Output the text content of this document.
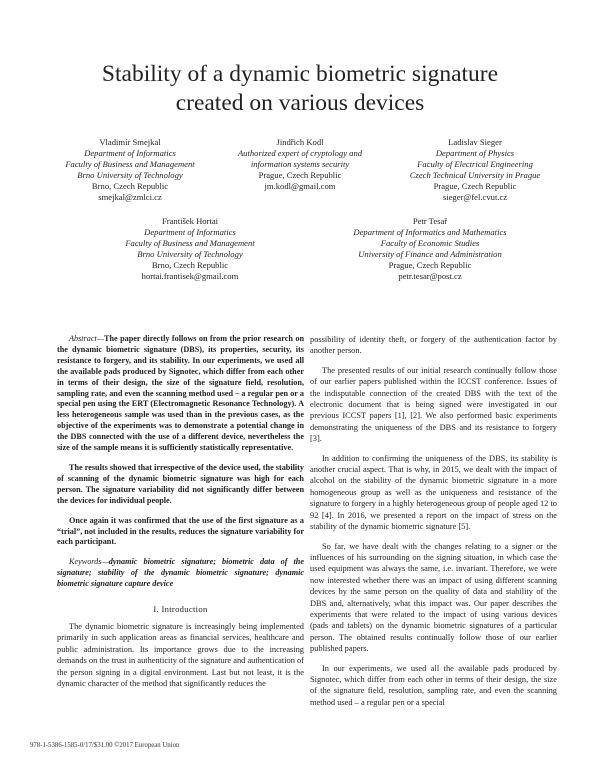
Stability of a dynamic biometric signature
created on various devices
Vladimír Smejkal
Department of Informatics
Faculty of Business and Management
Brno University of Technology
Brno, Czech Republic
smejkal@zmlci.cz
Jindřich Kodl
Authorized expert of cryptology and
information systems security
Prague, Czech Republic
jm.kodl@gmail.com
Ladislav Sieger
Department of Physics
Faculty of Electrical Engineering
Czech Technical University in Prague
Prague, Czech Republic
sieger@fel.cvut.cz
František Hortai
Department of Informatics
Faculty of Business and Management
Brno University of Technology
Brno, Czech Republic
hortai.frantisek@gmail.com
Petr Tesař
Department of Informatics and Mathematics
Faculty of Economic Studies
University of Finance and Administration
Prague, Czech Republic
petr.tesar@post.cz

Abstract—The paper directly follows on from the prior research on the dynamic biometric signature (DBS), its properties, security, its resistance to forgery, and its stability. In our experiments, we used all the available pads produced by Signotec, which differ from each other in terms of their design, the size of the signature field, resolution, sampling rate, and even the scanning method used – a regular pen or a special pen using the ERT (Electromagnetic Resonance Technology). A less heterogeneous sample was used than in the previous cases, as the objective of the experiments was to demonstrate a potential change in the DBS connected with the use of a different device, nevertheless the size of the sample means it is sufficiently statistically representative.

The results showed that irrespective of the device used, the stability of scanning of the dynamic biometric signature was high for each person. The signature variability did not significantly differ between the devices for individual people.

Once again it was confirmed that the use of the first signature as a “trial”, not included in the results, reduces the signature variability for each participant.

Keywords—dynamic biometric signature; biometric data of the signature; stability of the dynamic biometric signature; dynamic biometric signature capture device

I. Introduction

The dynamic biometric signature is increasingly being implemented primarily in such application areas as financial services, healthcare and public administration. Its importance grows due to the increasing demands on the trust in authenticity of the signature and authentication of the person signing in a digital environment. Last but not least, it is the dynamic character of the method that significantly reduces the

possibility of identity theft, or forgery of the authentication factor by another person.

The presented results of our initial research continually follow those of our earlier papers published within the ICCST conference. Issues of the indisputable connection of the created DBS with the text of the electronic document that is being signed were investigated in our previous ICCST papers [1], [2]. We also performed basic experiments demonstrating the uniqueness of the DBS and its resistance to forgery [3].

In addition to confirming the uniqueness of the DBS, its stability is another crucial aspect. That is why, in 2015, we dealt with the impact of alcohol on the stability of the dynamic biometric signature in a more homogeneous group as well as the uniqueness and resistance of the signature to forgery in a highly heterogeneous group of people aged 12 to 92 [4]. In 2016, we presented a report on the impact of stress on the stability of the dynamic biometric signature [5].

So far, we have dealt with the changes relating to a signer or the influences of his surrounding on the signing situation, in which case the used equipment was always the same, i.e. invariant. Therefore, we were now interested whether there was an impact of using different scanning devices by the same person on the quality of data and stability of the DBS and, alternatively, what this impact was. Our paper describes the experiments that were related to the impact of using various devices (pads and tablets) on the dynamic biometric signatures of a particular person. The obtained results continually follow those of our earlier published papers.

In our experiments, we used all the available pads produced by Signotec, which differ from each other in terms of their design, the size of the signature field, resolution, sampling rate, and even the scanning method used – a regular pen or a special

978-1-5386-1585-0/17/$31.00 ©2017 European Union
